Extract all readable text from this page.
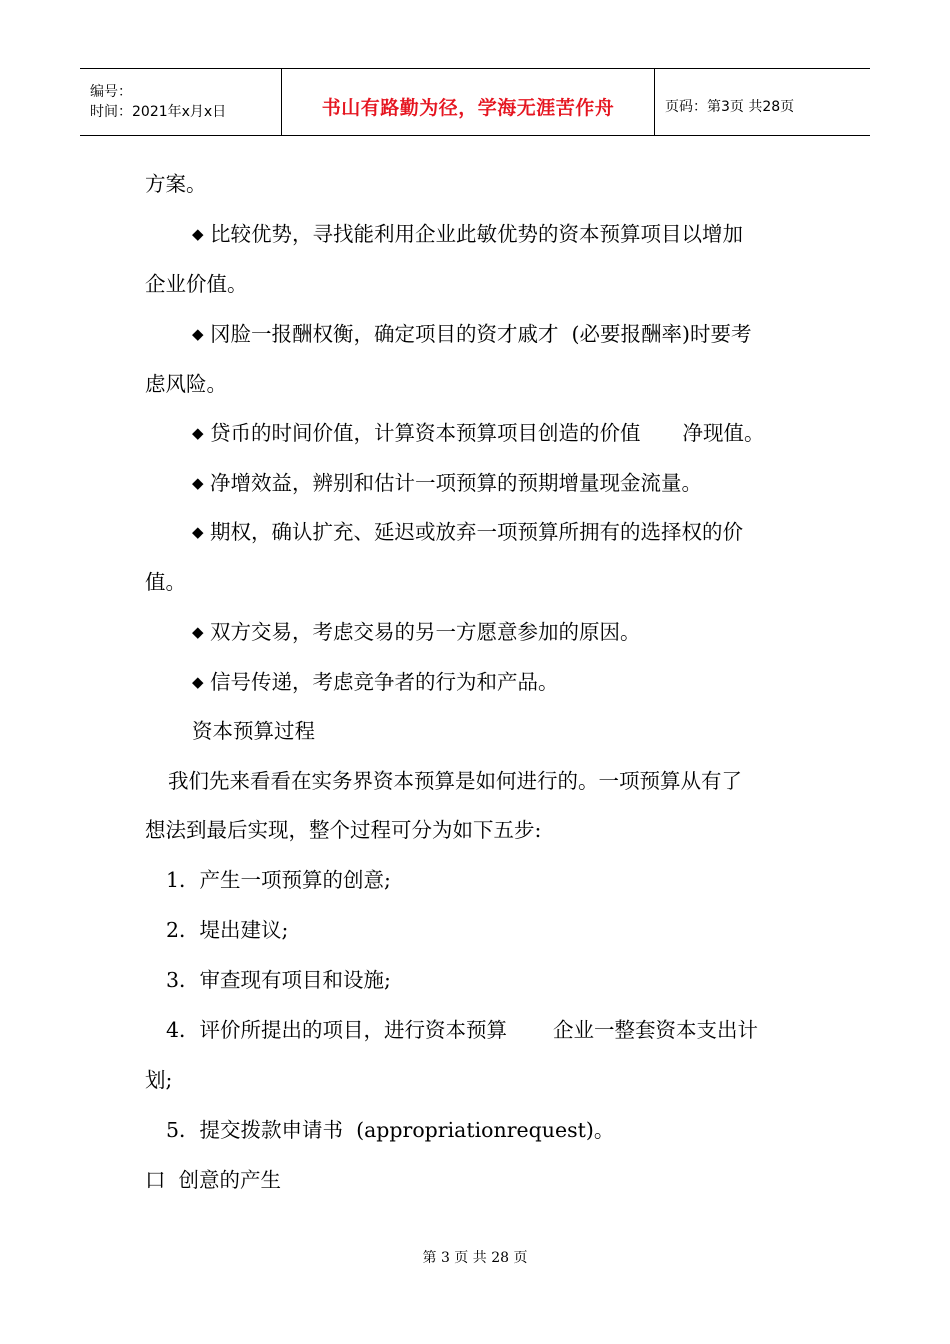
编号：
时间：2021年x月x日	书山有路勤为径，学海无涯苦作舟	页码：第3页 共28页
方案。
◆ 比较优势，寻找能利用企业此敏优势的资本预算项目以增加
企业价值。
◆ 冈脸一报酬权衡，确定项目的资才戚才  (必要报酬率)时要考
虑风险。
◆ 贷币的时间价值，计算资本预算项目创造的价值 净现值。
◆ 净增效益，辨别和估计一项预算的预期增量现金流量。
◆ 期权，确认扩充、延迟或放弃一项预算所拥有的选择权的价
值。
◆ 双方交易，考虑交易的另一方愿意参加的原因。
◆ 信号传递，考虑竞争者的行为和产品。
资本预算过程
我们先来看看在实务界资本预算是如何进行的。一项预算从有了
想法到最后实现，整个过程可分为如下五步:
1．产生一项预算的创意;
2．堤出建议;
3．审查现有项目和设施;
4．评价所提出的项目，进行资本预算 企业一整套资本支出计
划;
5．提交拨款申请书  (appropriationrequest)。
口  创意的产生
第 3 页 共 28 页
